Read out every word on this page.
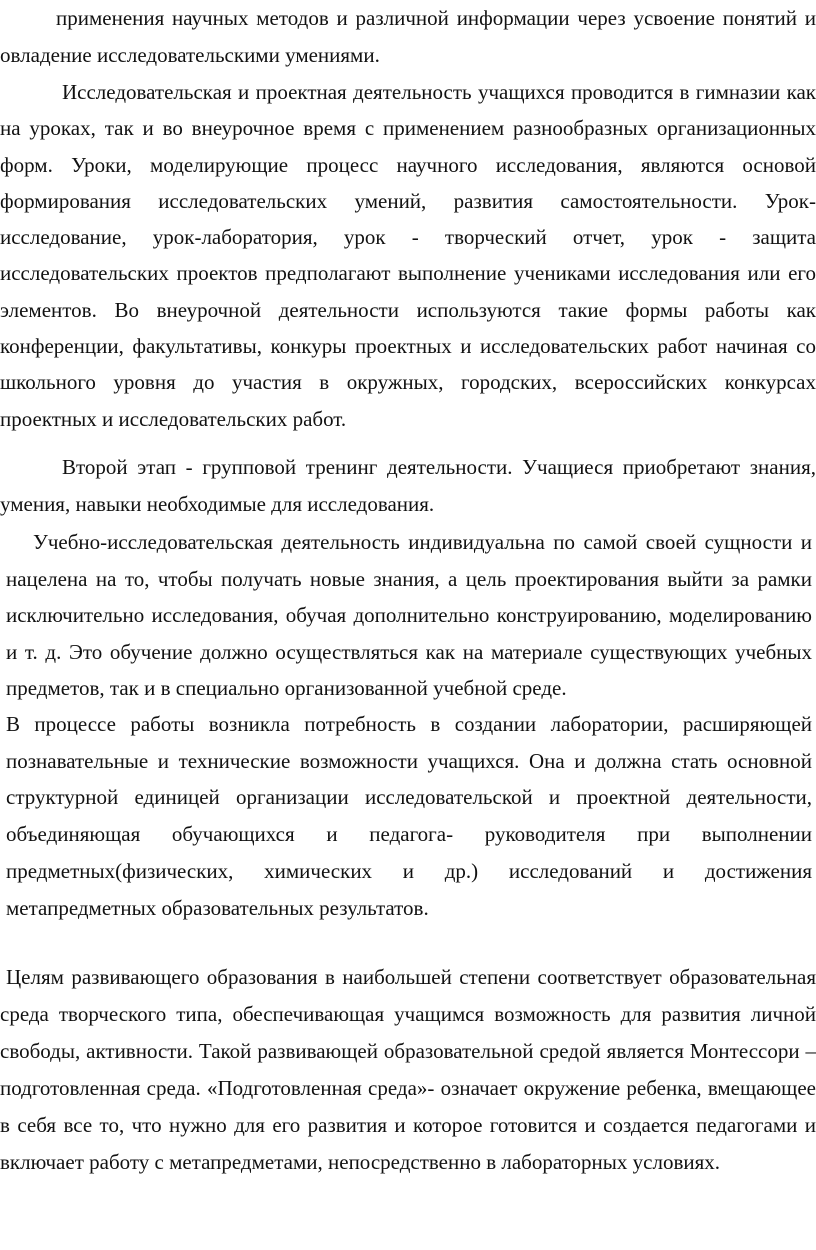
применения научных методов и различной информации через усвоение понятий и овладение исследовательскими умениями.

Исследовательская и проектная деятельность учащихся проводится в гимназии как на уроках, так и во внеурочное время с применением разнообразных организационных форм. Уроки, моделирующие процесс научного исследования, являются основой формирования исследовательских умений, развития самостоятельности. Урок-исследование, урок-лаборатория, урок - творческий отчет, урок - защита исследовательских проектов предполагают выполнение учениками исследования или его элементов. Во внеурочной деятельности используются такие формы работы как конференции, факультативы, конкуры проектных и исследовательских работ начиная со школьного уровня до участия в окружных, городских, всероссийских конкурсах проектных и исследовательских работ.

Второй этап - групповой тренинг деятельности. Учащиеся приобретают знания, умения, навыки необходимые для исследования.

Учебно-исследовательская деятельность индивидуальна по самой своей сущности и нацелена на то, чтобы получать новые знания, а цель проектирования выйти за рамки исключительно исследования, обучая дополнительно конструированию, моделированию и т. д. Это обучение должно осуществляться как на материале существующих учебных предметов, так и в специально организованной учебной среде.

В процессе работы возникла потребность в создании лаборатории, расширяющей познавательные и технические возможности учащихся. Она и должна стать основной структурной единицей организации исследовательской и проектной деятельности, объединяющая обучающихся и педагога- руководителя при выполнении предметных(физических, химических и др.) исследований и достижения метапредметных образовательных результатов.

Целям развивающего образования в наибольшей степени соответствует образовательная среда творческого типа, обеспечивающая учащимся возможность для развития личной свободы, активности. Такой развивающей образовательной средой является Монтессори – подготовленная среда. «Подготовленная среда»- означает окружение ребенка, вмещающее в себя все то, что нужно для его развития и которое готовится и создается педагогами и включает работу с метапредметами, непосредственно в лабораторных условиях.
